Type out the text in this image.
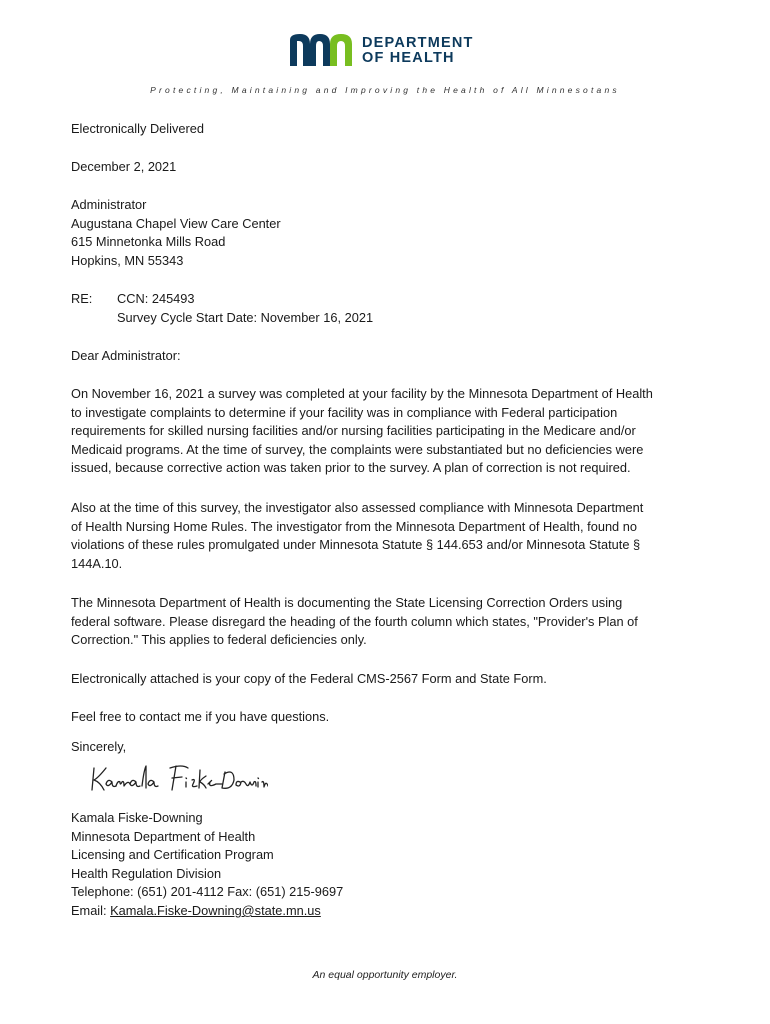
DEPARTMENT
OF HEALTH
Protecting, Maintaining and Improving the Health of All Minnesotans
Electronically Delivered
December 2, 2021
Administrator
Augustana Chapel View Care Center
615 Minnetonka Mills Road
Hopkins, MN 55343
RE: CCN: 245493
Survey Cycle Start Date: November 16, 2021
Dear Administrator:
On November 16, 2021 a survey was completed at your facility by the Minnesota Department of Health
to investigate complaints to determine if your facility was in compliance with Federal participation
requirements for skilled nursing facilities and/or nursing facilities participating in the Medicare and/or
Medicaid programs. At the time of survey, the complaints were substantiated but no deficiencies were
issued, because corrective action was taken prior to the survey. A plan of correction is not required.
Also at the time of this survey, the investigator also assessed compliance with Minnesota Department
of Health Nursing Home Rules. The investigator from the Minnesota Department of Health, found no
violations of these rules promulgated under Minnesota Statute § 144.653 and/or Minnesota Statute §
144A.10.
The Minnesota Department of Health is documenting the State Licensing Correction Orders using
federal software. Please disregard the heading of the fourth column which states, "Provider's Plan of
Correction." This applies to federal deficiencies only.
Electronically attached is your copy of the Federal CMS-2567 Form and State Form.
Feel free to contact me if you have questions.
Sincerely,
Kamala Fiske-Downing
Minnesota Department of Health
Licensing and Certification Program
Health Regulation Division
Telephone: (651) 201-4112 Fax: (651) 215-9697
Email: Kamala.Fiske-Downing@state.mn.us
An equal opportunity employer.
